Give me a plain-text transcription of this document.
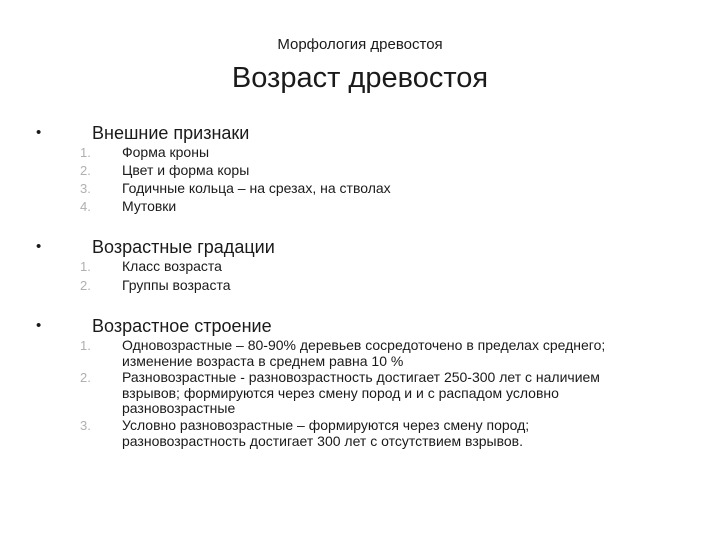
Морфология древостоя
Возраст древостоя
•	Внешние признаки
1. Форма кроны
2. Цвет и форма коры
3. Годичные кольца – на срезах, на стволах
4. Мутовки
•	Возрастные градации
1. Класс возраста
2. Группы возраста
•	Возрастное строение
1. Одновозрастные – 80-90% деревьев сосредоточено в пределах среднего;
изменение возраста в среднем равна 10 %
2. Разновозрастные - разновозрастность достигает 250-300 лет с наличием
взрывов; формируются через смену пород и и с распадом условно
разновозрастные
3. Условно разновозрастные – формируются через смену пород;
разновозрастность достигает 300 лет с отсутствием взрывов.
